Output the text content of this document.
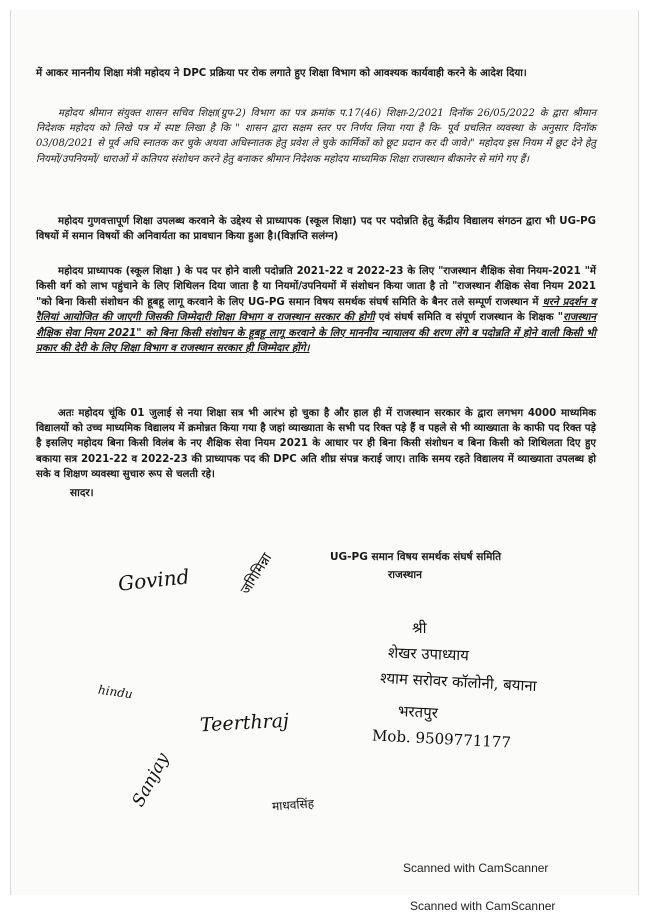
में आकर माननीय शिक्षा मंत्री महोदय ने DPC प्रक्रिया पर रोक लगाते हुए शिक्षा विभाग को आवश्यक कार्यवाही करने के आदेश दिया।
महोदय श्रीमान संयुक्त शासन सचिव शिक्षा(ग्रुप-2) विभाग का पत्र क्रमांक प.17(46) शिक्षा-2/2021 दिनॉक 26/05/2022 के द्वारा श्रीमान निदेशक महोदय को लिखे पत्र में स्पष्ट लिखा है कि " शासन द्वारा सक्षम स्तर पर निर्णय लिया गया है कि- पूर्व प्रचलित व्यवस्था के अनुसार दिनॉक 03/08/2021 से पूर्व अधि स्नातक कर चुके अथवा अधिस्नातक हेतु प्रवेश ले चुके कार्मिकों को छूट प्रदान कर दी जावे।" महोदय इस नियम में छूट देने हेतु नियमों/उपनियमों/ धाराओं में कतिपय संशोधन करने हेतु बनाकर श्रीमान निदेशक महोदय माध्यमिक शिक्षा राजस्थान बीकानेर से मांगे गए हैं।
महोदय गुणवत्तापूर्ण शिक्षा उपलब्ध करवाने के उद्देश्य से प्राध्यापक (स्कूल शिक्षा) पद पर पदोन्नति हेतु केंद्रीय विद्यालय संगठन द्वारा भी UG-PG विषयों में समान विषयों की अनिवार्यता का प्रावधान किया हुआ है।(विज्ञप्ति सलंग्न)
महोदय प्राध्यापक (स्कूल शिक्षा ) के पद पर होने वाली पदोन्नति 2021-22 व 2022-23 के लिए "राजस्थान शैक्षिक सेवा नियम-2021 "में किसी वर्ग को लाभ पहुंचाने के लिए शिथिलन दिया जाता है या नियमों/उपनियमों में संशोधन किया जाता है तो "राजस्थान शैक्षिक सेवा नियम 2021 "को बिना किसी संशोधन की हूबहू लागू करवाने के लिए UG-PG समान विषय समर्थक संघर्ष समिति के बैनर तले सम्पूर्ण राजस्थान में धरने प्रदर्शन व रैलियां आयोजित की जाएगी जिसकी जिम्मेदारी शिक्षा विभाग व राजस्थान सरकार की होगी एवं संघर्ष समिति व संपूर्ण राजस्थान के शिक्षक "राजस्थान शैक्षिक सेवा नियम 2021" को बिना किसी संशोधन के हूबहू लागू करवाने के लिए माननीय न्यायालय की शरण लेंगे व पदोन्नति में होने वाली किसी भी प्रकार की देरी के लिए शिक्षा विभाग व राजस्थान सरकार ही जिम्मेदार होंगे।
अतः महोदय चूंकि 01 जुलाई से नया शिक्षा सत्र भी आरंभ हो चुका है और हाल ही में राजस्थान सरकार के द्वारा लगभग 4000 माध्यमिक विद्यालयों को उच्च माध्यमिक विद्यालय में क्रमोन्नत किया गया है जहां व्याख्याता के सभी पद रिक्त पड़े हैं व पहले से भी व्याख्याता के काफी पद रिक्त पड़े है इसलिए महोदय बिना किसी विलंब के नए शैक्षिक सेवा नियम 2021 के आधार पर ही बिना किसी संशोधन व बिना किसी को शिथिलता दिए हुए बकाया सत्र 2021-22 व 2022-23 की प्राध्यापक पद की DPC अति शीघ्र संपन्न कराई जाए। ताकि समय रहते विद्यालय में व्याख्याता उपलब्ध हो सके व शिक्षण व्यवस्था सुचारु रूप से चलती रहे।
सादर।
UG-PG समान विषय समर्थक संघर्ष समिति
राजस्थान
Govind	जगिमिन्ना
hindu
Teerthraj
Sanjay	माधवसिंह
श्री
शेखर उपाध्याय
श्याम सरोवर कॉलोनी, बयाना
भरतपुर
Mob. 9509771177
Scanned with CamScanner
Scanned with CamScanner
